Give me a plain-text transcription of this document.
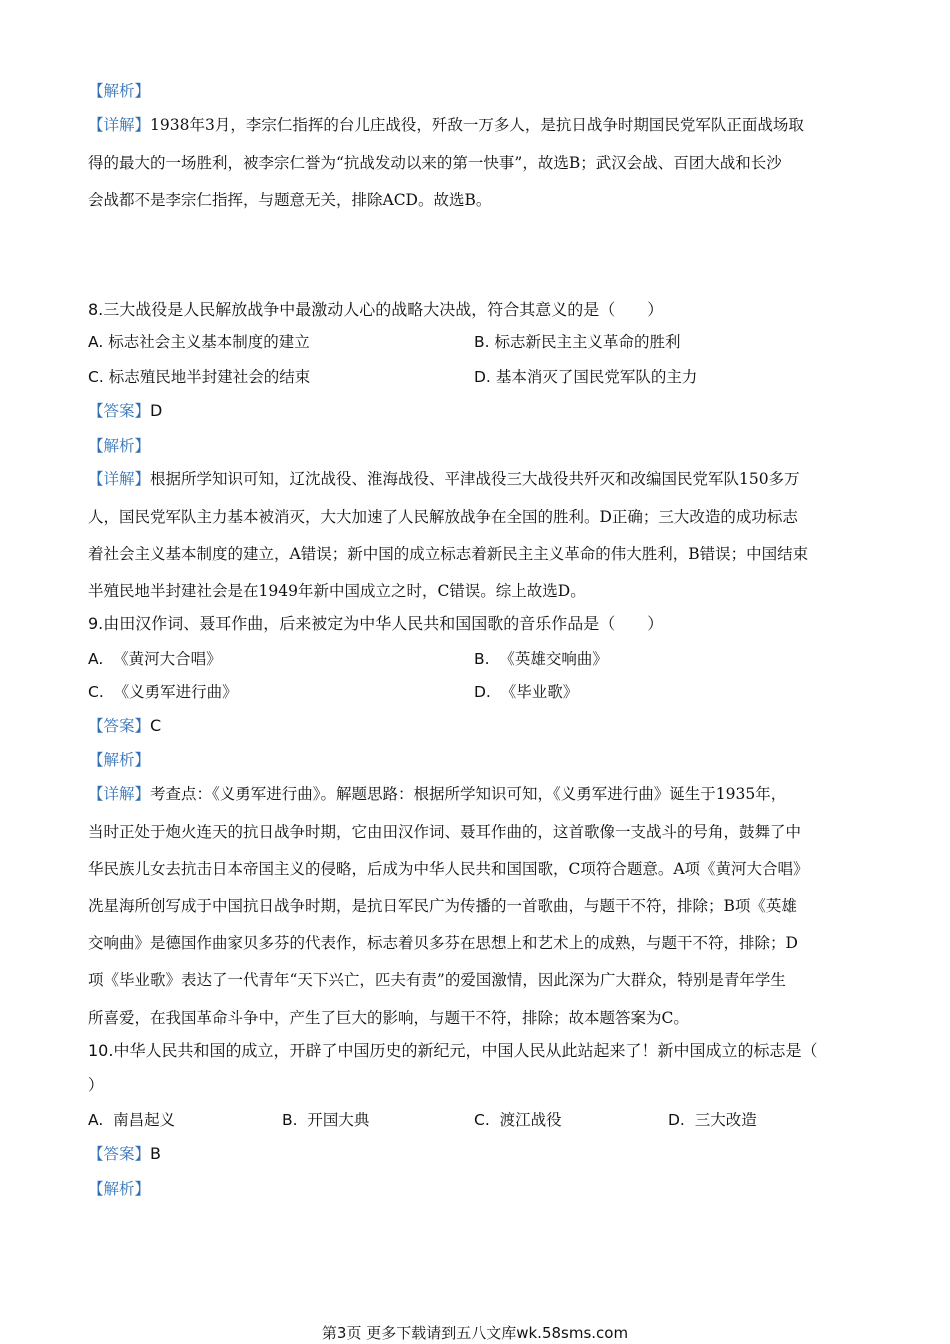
【解析】
【详解】1938年3月，李宗仁指挥的台儿庄战役，歼敌一万多人，是抗日战争时期国民党军队正面战场取
得的最大的一场胜利，被李宗仁誉为“抗战发动以来的第一快事”，故选B；武汉会战、百团大战和长沙
会战都不是李宗仁指挥，与题意无关，排除ACD。故选B。
8.三大战役是人民解放战争中最激动人心的战略大决战，符合其意义的是（　　）
A. 标志社会主义基本制度的建立	B. 标志新民主主义革命的胜利
C. 标志殖民地半封建社会的结束	D. 基本消灭了国民党军队的主力
【答案】D
【解析】
【详解】根据所学知识可知，辽沈战役、淮海战役、平津战役三大战役共歼灭和改编国民党军队150多万
人，国民党军队主力基本被消灭，大大加速了人民解放战争在全国的胜利。D正确；三大改造的成功标志
着社会主义基本制度的建立，A错误；新中国的成立标志着新民主主义革命的伟大胜利，B错误；中国结束
半殖民地半封建社会是在1949年新中国成立之时，C错误。综上故选D。
9.由田汉作词、聂耳作曲，后来被定为中华人民共和国国歌的音乐作品是（　　）
A. 《黄河大合唱》	B. 《英雄交响曲》
C. 《义勇军进行曲》	D. 《毕业歌》
【答案】C
【解析】
【详解】考查点：《义勇军进行曲》。解题思路：根据所学知识可知，《义勇军进行曲》诞生于1935年，
当时正处于炮火连天的抗日战争时期，它由田汉作词、聂耳作曲的，这首歌像一支战斗的号角，鼓舞了中
华民族儿女去抗击日本帝国主义的侵略，后成为中华人民共和国国歌，C项符合题意。A项《黄河大合唱》
冼星海所创写成于中国抗日战争时期，是抗日军民广为传播的一首歌曲，与题干不符，排除；B项《英雄
交响曲》是德国作曲家贝多芬的代表作，标志着贝多芬在思想上和艺术上的成熟，与题干不符，排除；D
项《毕业歌》表达了一代青年“天下兴亡，匹夫有责”的爱国激情，因此深为广大群众，特别是青年学生
所喜爱，在我国革命斗争中，产生了巨大的影响，与题干不符，排除；故本题答案为C。
10.中华人民共和国的成立，开辟了中国历史的新纪元，中国人民从此站起来了！新中国成立的标志是（
）
A. 南昌起义	B. 开国大典	C. 渡江战役	D. 三大改造
【答案】B
【解析】
第3页 更多下载请到五八文库wk.58sms.com
